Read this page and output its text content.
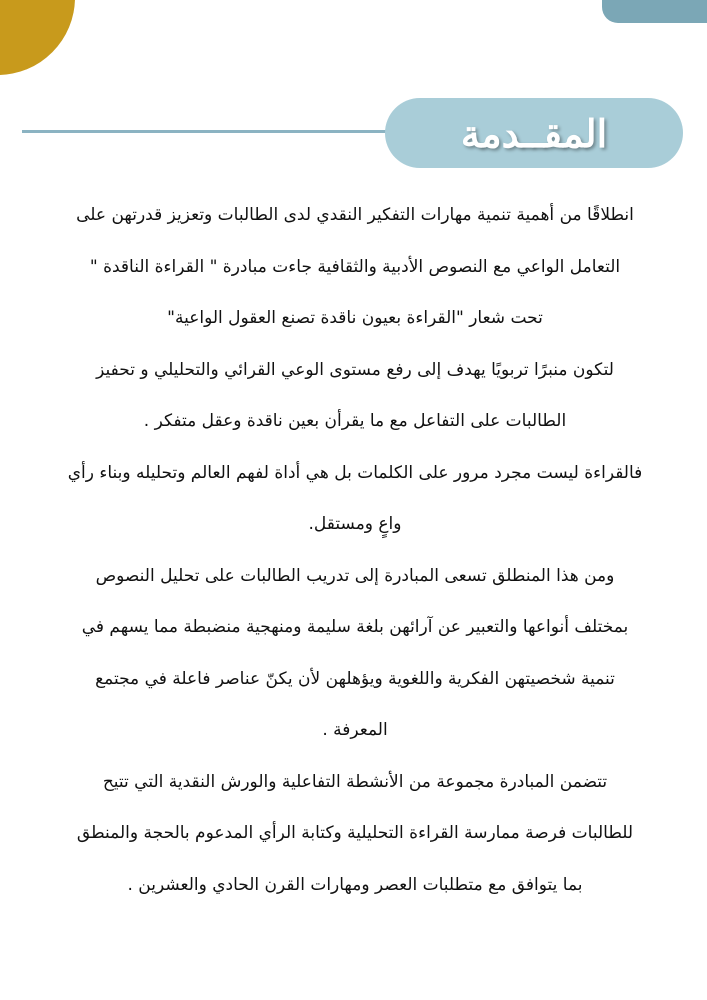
المقــدمة
انطلاقًا من أهمية تنمية مهارات التفكير النقدي لدى الطالبات وتعزيز قدرتهن على
التعامل الواعي مع النصوص الأدبية والثقافية جاءت مبادرة " القراءة الناقدة "
تحت شعار "القراءة بعيون ناقدة تصنع العقول الواعية"
لتكون منبرًا تربويًا يهدف إلى رفع مستوى الوعي القرائي والتحليلي و تحفيز
الطالبات على التفاعل مع ما يقرأن بعين ناقدة وعقل متفكر .
فالقراءة ليست مجرد مرور على الكلمات بل هي أداة لفهم العالم وتحليله وبناء رأي
واعٍ ومستقل.
ومن هذا المنطلق تسعى المبادرة إلى تدريب الطالبات على تحليل النصوص
بمختلف أنواعها والتعبير عن آرائهن بلغة سليمة ومنهجية منضبطة مما يسهم في
تنمية شخصيتهن الفكرية واللغوية ويؤهلهن لأن يكنّ عناصر فاعلة في مجتمع
المعرفة .
تتضمن المبادرة مجموعة من الأنشطة التفاعلية والورش النقدية التي تتيح
للطالبات فرصة ممارسة القراءة التحليلية وكتابة الرأي المدعوم بالحجة والمنطق
بما يتوافق مع متطلبات العصر ومهارات القرن الحادي والعشرين .
